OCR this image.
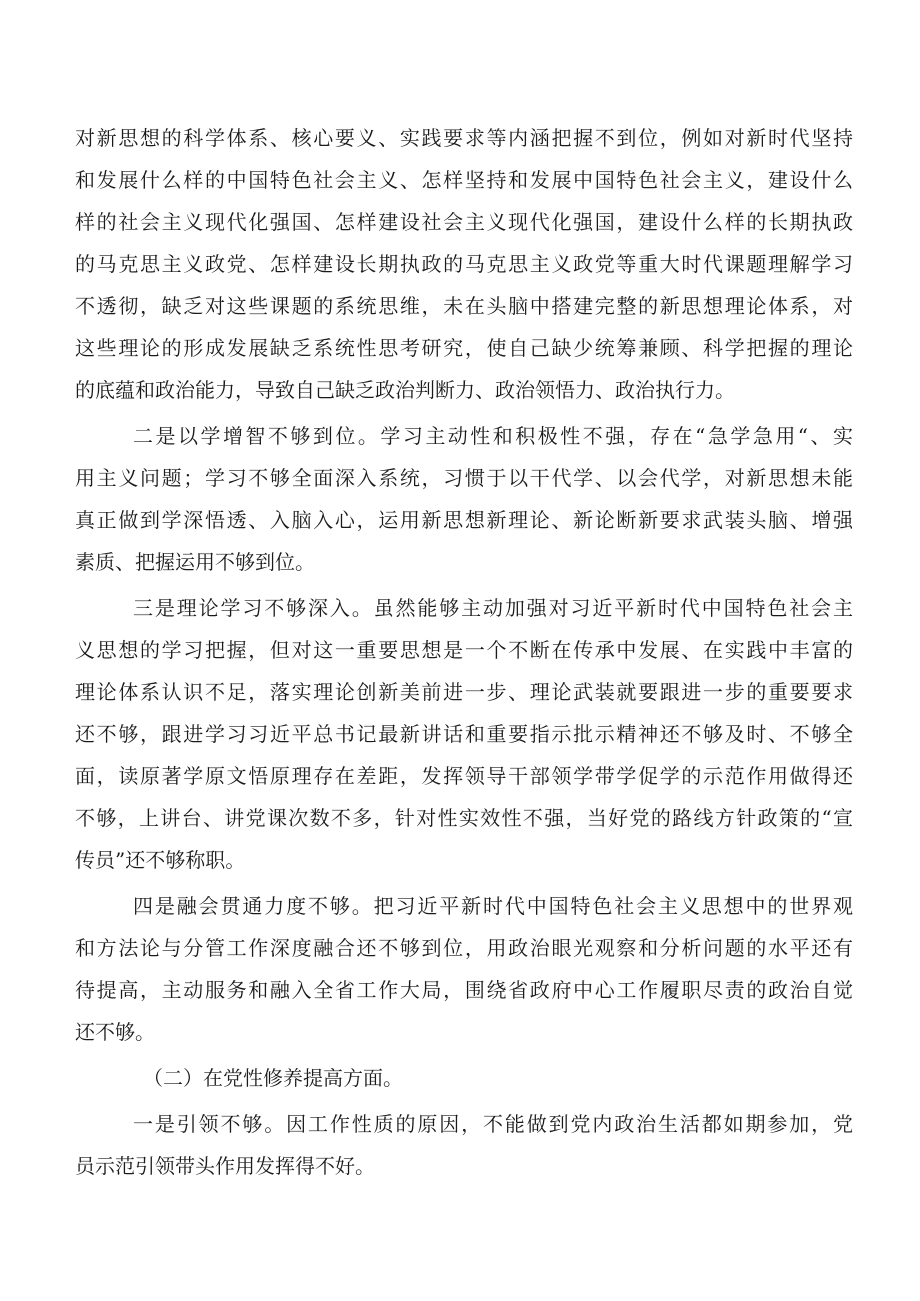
对新思想的科学体系、核心要义、实践要求等内涵把握不到位，例如对新时代坚持
和发展什么样的中国特色社会主义、怎样坚持和发展中国特色社会主义，建设什么
样的社会主义现代化强国、怎样建设社会主义现代化强国，建设什么样的长期执政
的马克思主义政党、怎样建设长期执政的马克思主义政党等重大时代课题理解学习
不透彻，缺乏对这些课题的系统思维，未在头脑中搭建完整的新思想理论体系，对
这些理论的形成发展缺乏系统性思考研究，使自己缺少统筹兼顾、科学把握的理论
的底蕴和政治能力，导致自己缺乏政治判断力、政治领悟力、政治执行力。
二是以学增智不够到位。学习主动性和积极性不强，存在“急学急用“、实
用主义问题；学习不够全面深入系统，习惯于以干代学、以会代学，对新思想未能
真正做到学深悟透、入脑入心，运用新思想新理论、新论断新要求武装头脑、增强
素质、把握运用不够到位。
三是理论学习不够深入。虽然能够主动加强对习近平新时代中国特色社会主
义思想的学习把握，但对这一重要思想是一个不断在传承中发展、在实践中丰富的
理论体系认识不足，落实理论创新美前进一步、理论武装就要跟进一步的重要要求
还不够，跟进学习习近平总书记最新讲话和重要指示批示精神还不够及时、不够全
面，读原著学原文悟原理存在差距，发挥领导干部领学带学促学的示范作用做得还
不够，上讲台、讲党课次数不多，针对性实效性不强，当好党的路线方针政策的“宣
传员”还不够称职。
四是融会贯通力度不够。把习近平新时代中国特色社会主义思想中的世界观
和方法论与分管工作深度融合还不够到位，用政治眼光观察和分析问题的水平还有
待提高，主动服务和融入全省工作大局，围绕省政府中心工作履职尽责的政治自觉
还不够。
（二）在党性修养提高方面。
一是引领不够。因工作性质的原因，不能做到党内政治生活都如期参加，党
员示范引领带头作用发挥得不好。
